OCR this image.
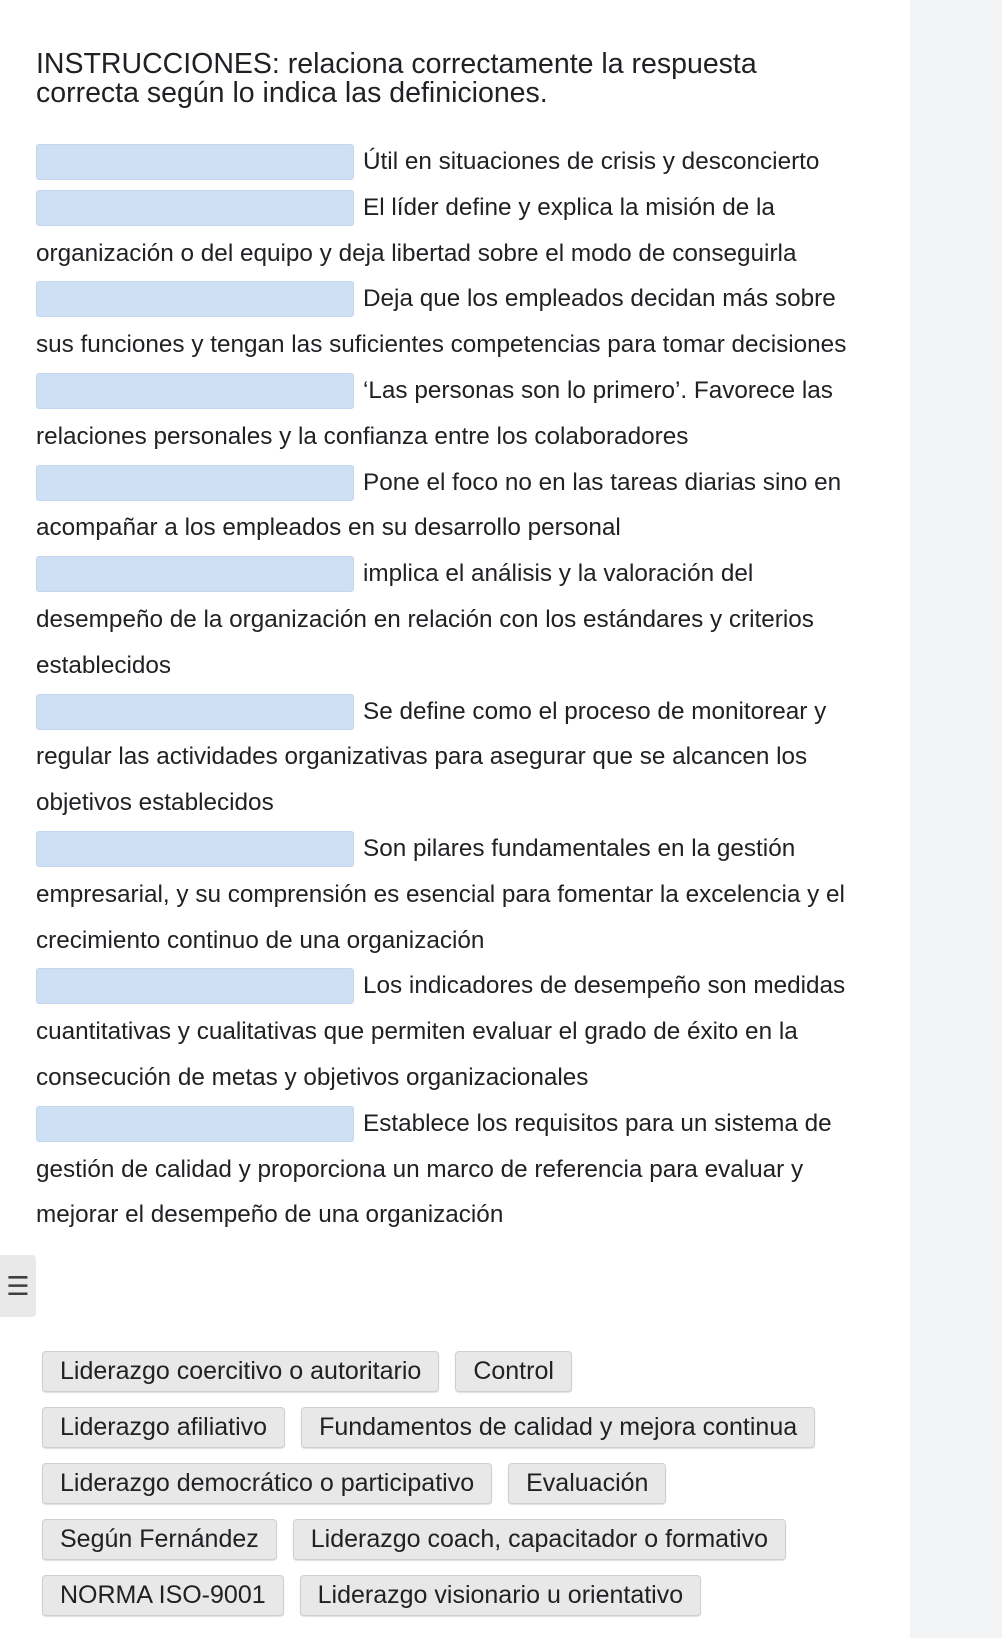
INSTRUCCIONES: relaciona correctamente la respuesta correcta según lo indica las definiciones.
Útil en situaciones de crisis y desconcierto
El líder define y explica la misión de la organización o del equipo y deja libertad sobre el modo de conseguirla
Deja que los empleados decidan más sobre sus funciones y tengan las suficientes competencias para tomar decisiones
‘Las personas son lo primero’. Favorece las relaciones personales y la confianza entre los colaboradores
Pone el foco no en las tareas diarias sino en acompañar a los empleados en su desarrollo personal
implica el análisis y la valoración del desempeño de la organización en relación con los estándares y criterios establecidos
Se define como el proceso de monitorear y regular las actividades organizativas para asegurar que se alcancen los objetivos establecidos
Son pilares fundamentales en la gestión empresarial, y su comprensión es esencial para fomentar la excelencia y el crecimiento continuo de una organización
Los indicadores de desempeño son medidas cuantitativas y cualitativas que permiten evaluar el grado de éxito en la consecución de metas y objetivos organizacionales
Establece los requisitos para un sistema de gestión de calidad y proporciona un marco de referencia para evaluar y mejorar el desempeño de una organización
☰
Liderazgo coercitivo o autoritario	Control
Liderazgo afiliativo	Fundamentos de calidad y mejora continua
Liderazgo democrático o participativo	Evaluación
Según Fernández	Liderazgo coach, capacitador o formativo
NORMA ISO-9001	Liderazgo visionario u orientativo
